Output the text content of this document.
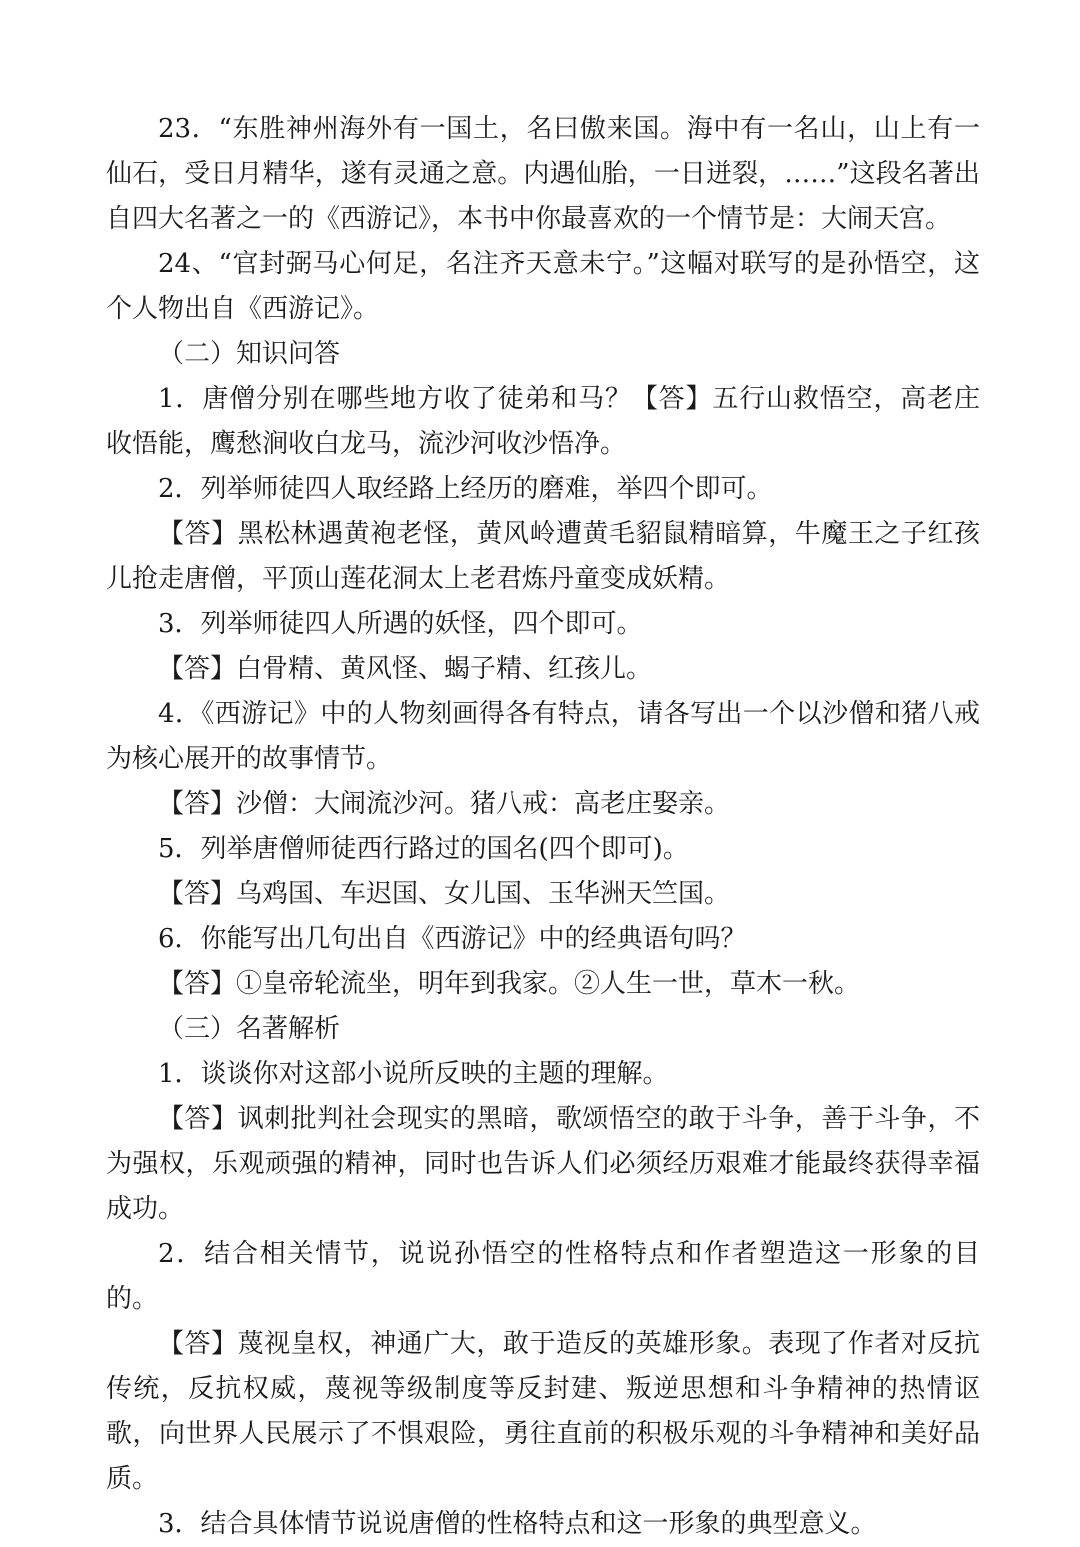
23．“东胜神州海外有一国土，名曰傲来国。海中有一名山，山上有一仙石，受日月精华，遂有灵通之意。内遇仙胎，一日迸裂，……”这段名著出自四大名著之一的《西游记》，本书中你最喜欢的一个情节是：大闹天宫。

24、“官封弼马心何足，名注齐天意未宁。”这幅对联写的是孙悟空，这个人物出自《西游记》。

（二）知识问答

1．唐僧分别在哪些地方收了徒弟和马？【答】五行山救悟空，高老庄收悟能，鹰愁涧收白龙马，流沙河收沙悟净。

2．列举师徒四人取经路上经历的磨难，举四个即可。

【答】黑松林遇黄袍老怪，黄风岭遭黄毛貂鼠精暗算，牛魔王之子红孩儿抢走唐僧，平顶山莲花洞太上老君炼丹童变成妖精。

3．列举师徒四人所遇的妖怪，四个即可。

【答】白骨精、黄风怪、蝎子精、红孩儿。

4．《西游记》中的人物刻画得各有特点，请各写出一个以沙僧和猪八戒为核心展开的故事情节。

【答】沙僧：大闹流沙河。猪八戒：高老庄娶亲。

5．列举唐僧师徒西行路过的国名(四个即可)。

【答】乌鸡国、车迟国、女儿国、玉华洲天竺国。

6．你能写出几句出自《西游记》中的经典语句吗？

【答】①皇帝轮流坐，明年到我家。②人生一世，草木一秋。

（三）名著解析

1．谈谈你对这部小说所反映的主题的理解。

【答】讽刺批判社会现实的黑暗，歌颂悟空的敢于斗争，善于斗争，不为强权，乐观顽强的精神，同时也告诉人们必须经历艰难才能最终获得幸福成功。

2．结合相关情节，说说孙悟空的性格特点和作者塑造这一形象的目的。

【答】蔑视皇权，神通广大，敢于造反的英雄形象。表现了作者对反抗传统，反抗权威，蔑视等级制度等反封建、叛逆思想和斗争精神的热情讴歌，向世界人民展示了不惧艰险，勇往直前的积极乐观的斗争精神和美好品质。

3．结合具体情节说说唐僧的性格特点和这一形象的典型意义。
